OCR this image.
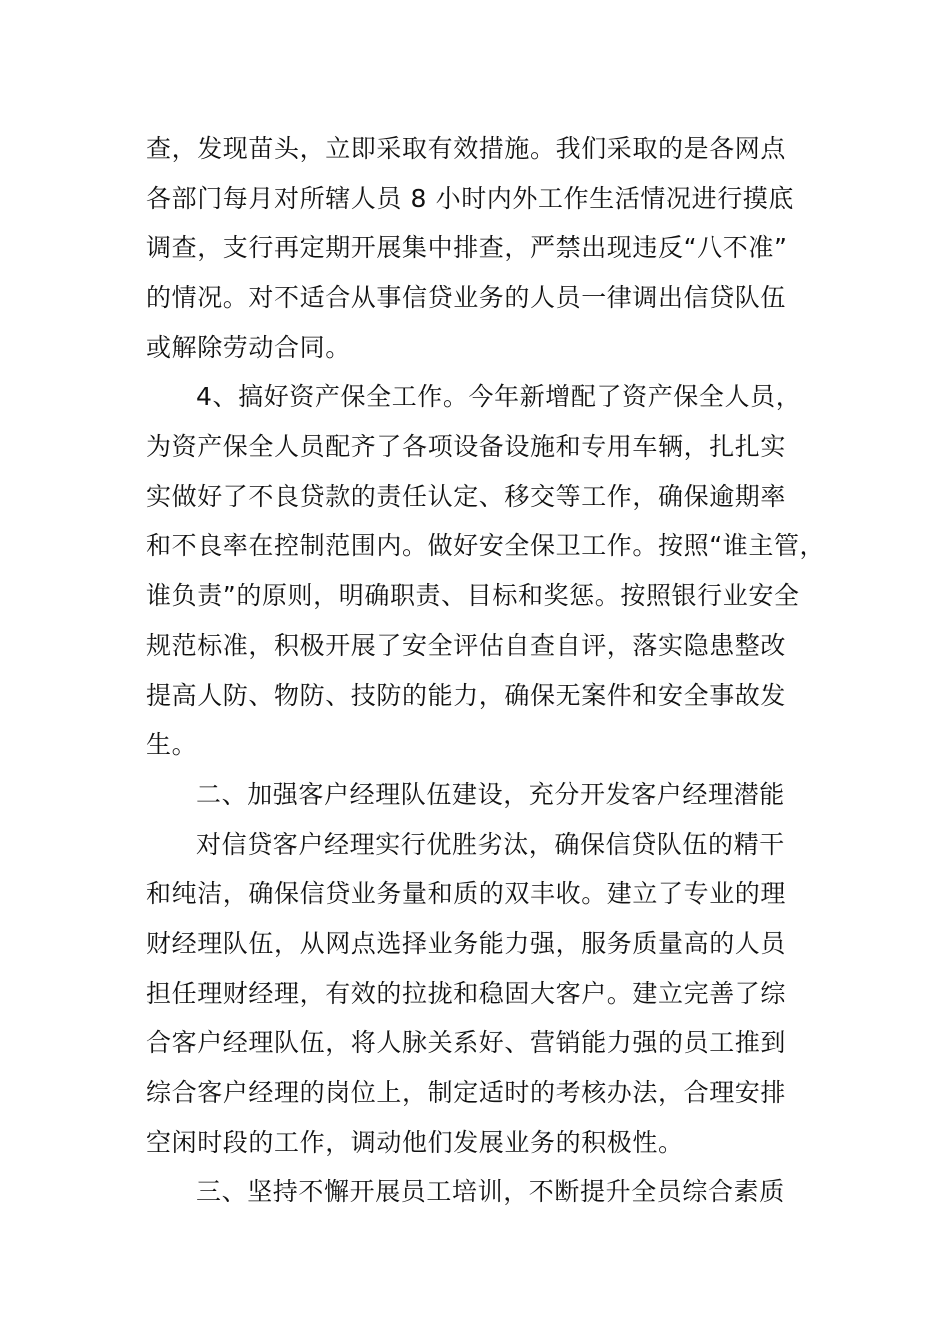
查，发现苗头，立即采取有效措施。我们采取的是各网点
各部门每月对所辖人员 8 小时内外工作生活情况进行摸底
调查，支行再定期开展集中排查，严禁出现违反“八不准”
的情况。对不适合从事信贷业务的人员一律调出信贷队伍
或解除劳动合同。
4、搞好资产保全工作。今年新增配了资产保全人员，
为资产保全人员配齐了各项设备设施和专用车辆，扎扎实
实做好了不良贷款的责任认定、移交等工作，确保逾期率
和不良率在控制范围内。做好安全保卫工作。按照“谁主管，
谁负责”的原则，明确职责、目标和奖惩。按照银行业安全
规范标准，积极开展了安全评估自查自评，落实隐患整改
提高人防、物防、技防的能力，确保无案件和安全事故发
生。
二、加强客户经理队伍建设，充分开发客户经理潜能
对信贷客户经理实行优胜劣汰，确保信贷队伍的精干
和纯洁，确保信贷业务量和质的双丰收。建立了专业的理
财经理队伍，从网点选择业务能力强，服务质量高的人员
担任理财经理，有效的拉拢和稳固大客户。建立完善了综
合客户经理队伍，将人脉关系好、营销能力强的员工推到
综合客户经理的岗位上，制定适时的考核办法，合理安排
空闲时段的工作，调动他们发展业务的积极性。
三、坚持不懈开展员工培训，不断提升全员综合素质
